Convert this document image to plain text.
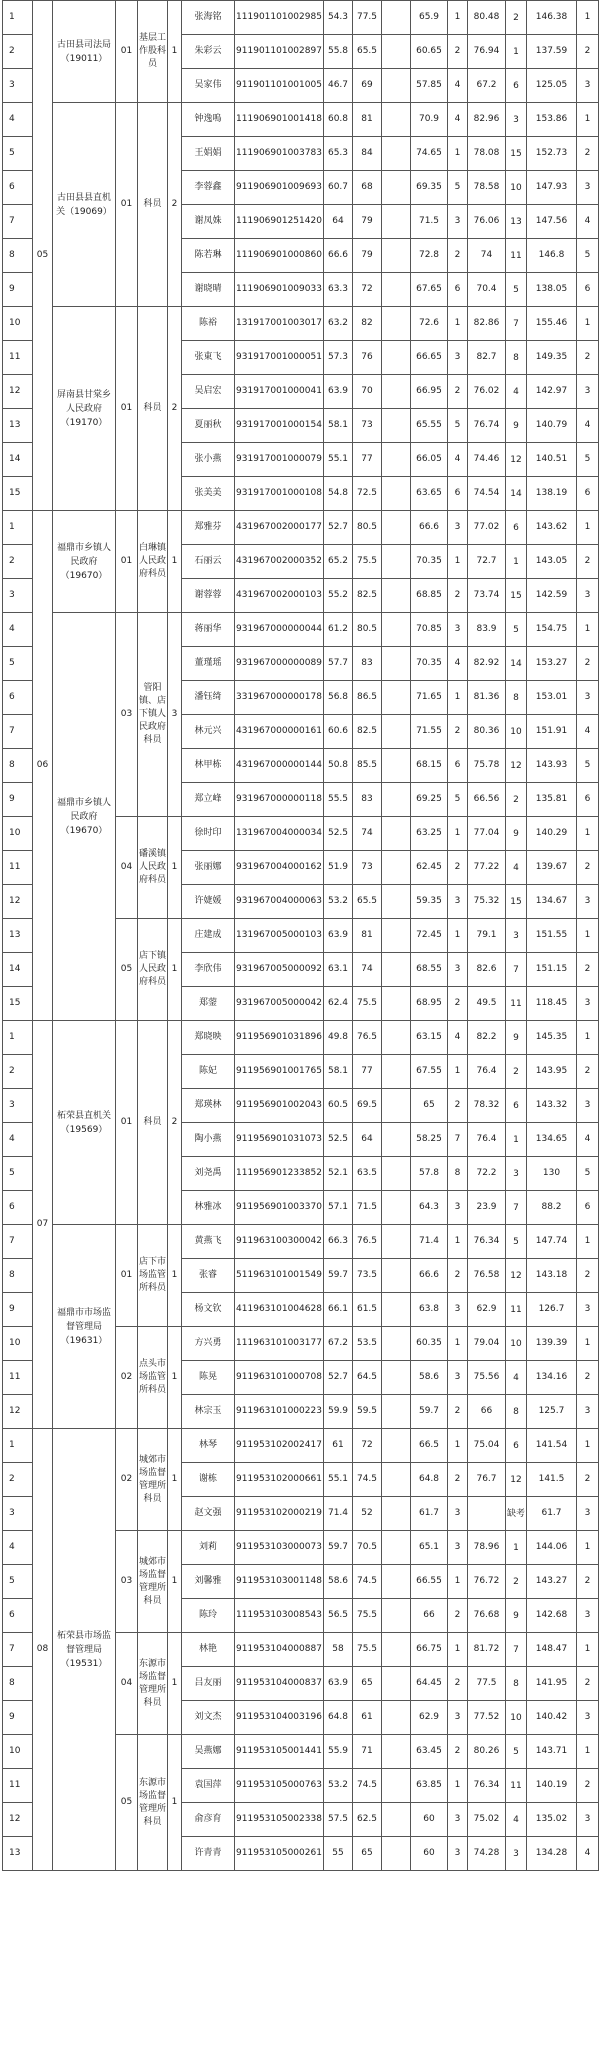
1	05	古田县司法局（19011）	01	基层工作股科员	1	张海铭	111901101002985	54.3	77.5		65.9	1	80.48	2	146.38	1
2						朱彩云	911901101002897	55.8	65.5		60.65	2	76.94	1	137.59	2
3						吴家伟	911901101001005	46.7	69		57.85	4	67.2	6	125.05	3
4		古田县县直机关（19069）	01	科员	2	钟逸嗚	111906901001418	60.8	81		70.9	4	82.96	3	153.86	1
5						王娟娟	111906901003783	65.3	84		74.65	1	78.08	15	152.73	2
6						李蓉鑫	911906901009693	60.7	68		69.35	5	78.58	10	147.93	3
7						谢凤姝	111906901251420	64	79		71.5	3	76.06	13	147.56	4
8						陈若琳	111906901000860	66.6	79		72.8	2	74	11	146.8	5
9						谢晓晴	111906901009033	63.3	72		67.65	6	70.4	5	138.05	6
10		屏南县甘棠乡人民政府（19170）	01	科员	2	陈裕	131917001003017	63.2	82		72.6	1	82.86	7	155.46	1
11						张東飞	931917001000051	57.3	76		66.65	3	82.7	8	149.35	2
12						吴启宏	931917001000041	63.9	70		66.95	2	76.02	4	142.97	3
13						夏丽秋	931917001000154	58.1	73		65.55	5	76.74	9	140.79	4
14						张小燕	931917001000079	55.1	77		66.05	4	74.46	12	140.51	5
15						张美美	931917001000108	54.8	72.5		63.65	6	74.54	14	138.19	6
1	06	福鼎市乡镇人民政府（19670）	01	白琳镇人民政府科员	1	郑雅芬	431967002000177	52.7	80.5		66.6	3	77.02	6	143.62	1
2						石丽云	431967002000352	65.2	75.5		70.35	1	72.7	1	143.05	2
3						谢蓉蓉	431967002000103	55.2	82.5		68.85	2	73.74	15	142.59	3
4		福鼎市乡镇人民政府（19670）	03	管阳镇、店下镇人民政府科员	3	蒋丽华	931967000000044	61.2	80.5		70.85	3	83.9	5	154.75	1
5						董瑾瑶	931967000000089	57.7	83		70.35	4	82.92	14	153.27	2
6						潘钰绮	331967000000178	56.8	86.5		71.65	1	81.36	8	153.01	3
7						林元兴	431967000000161	60.6	82.5		71.55	2	80.36	10	151.91	4
8						林甲栋	431967000000144	50.8	85.5		68.15	6	75.78	12	143.93	5
9						郑立峰	931967000000118	55.5	83		69.25	5	66.56	2	135.81	6
10			04	磻溪镇人民政府科员	1	徐时印	131967004000034	52.5	74		63.25	1	77.04	9	140.29	1
11						张丽娜	931967004000162	51.9	73		62.45	2	77.22	4	139.67	2
12						许婕媛	931967004000063	53.2	65.5		59.35	3	75.32	15	134.67	3
13			05	店下镇人民政府科员	1	庄建成	131967005000103	63.9	81		72.45	1	79.1	3	151.55	1
14						李欣伟	931967005000092	63.1	74		68.55	3	82.6	7	151.15	2
15						郑蓥	931967005000042	62.4	75.5		68.95	2	49.5	11	118.45	3
1	07	柘荣县直机关（19569）	01	科员	2	郑晓映	911956901031896	49.8	76.5		63.15	4	82.2	9	145.35	1
2						陈妃	911956901001765	58.1	77		67.55	1	76.4	2	143.95	2
3						郑瑛林	911956901002043	60.5	69.5		65	2	78.32	6	143.32	3
4						陶小燕	911956901031073	52.5	64		58.25	7	76.4	1	134.65	4
5						刘尧禹	111956901233852	52.1	63.5		57.8	8	72.2	3	130	5
6						林雅冰	911956901003370	57.1	71.5		64.3	3	23.9	7	88.2	6
7		福鼎市市场监督管理局（19631）	01	店下市场监管所科员	1	黄燕飞	911963100300042	66.3	76.5		71.4	1	76.34	5	147.74	1
8						张睿	511963101001549	59.7	73.5		66.6	2	76.58	12	143.18	2
9						杨文钦	411963101004628	66.1	61.5		63.8	3	62.9	11	126.7	3
10			02	点头市场监管所科员	1	方兴勇	111963101003177	67.2	53.5		60.35	1	79.04	10	139.39	1
11						陈晃	911963101000708	52.7	64.5		58.6	3	75.56	4	134.16	2
12						林宗玉	911963101000223	59.9	59.5		59.7	2	66	8	125.7	3
1	08	柘荣县市场监督管理局（19531）	02	城郊市场监督管理所科员	1	林琴	911953102002417	61	72		66.5	1	75.04	6	141.54	1
2						谢栋	911953102000661	55.1	74.5		64.8	2	76.7	12	141.5	2
3						赵文强	911953102000219	71.4	52		61.7	3		缺考	61.7	3
4			03	城郊市场监督管理所科员	1	刘莉	911953103000073	59.7	70.5		65.1	3	78.96	1	144.06	1
5						刘馨雅	911953103001148	58.6	74.5		66.55	1	76.72	2	143.27	2
6						陈玲	111953103008543	56.5	75.5		66	2	76.68	9	142.68	3
7			04	东源市场监督管理所科员	1	林艳	911953104000887	58	75.5		66.75	1	81.72	7	148.47	1
8						吕友丽	911953104000837	63.9	65		64.45	2	77.5	8	141.95	2
9						刘文杰	911953104003196	64.8	61		62.9	3	77.52	10	140.42	3
10			05	东源市场监督管理所科员	1	吴燕娜	911953105001441	55.9	71		63.45	2	80.26	5	143.71	1
11						袁国萍	911953105000763	53.2	74.5		63.85	1	76.34	11	140.19	2
12						俞彦育	911953105002338	57.5	62.5		60	3	75.02	4	135.02	3
13						许青青	911953105000261	55	65		60	3	74.28	3	134.28	4
